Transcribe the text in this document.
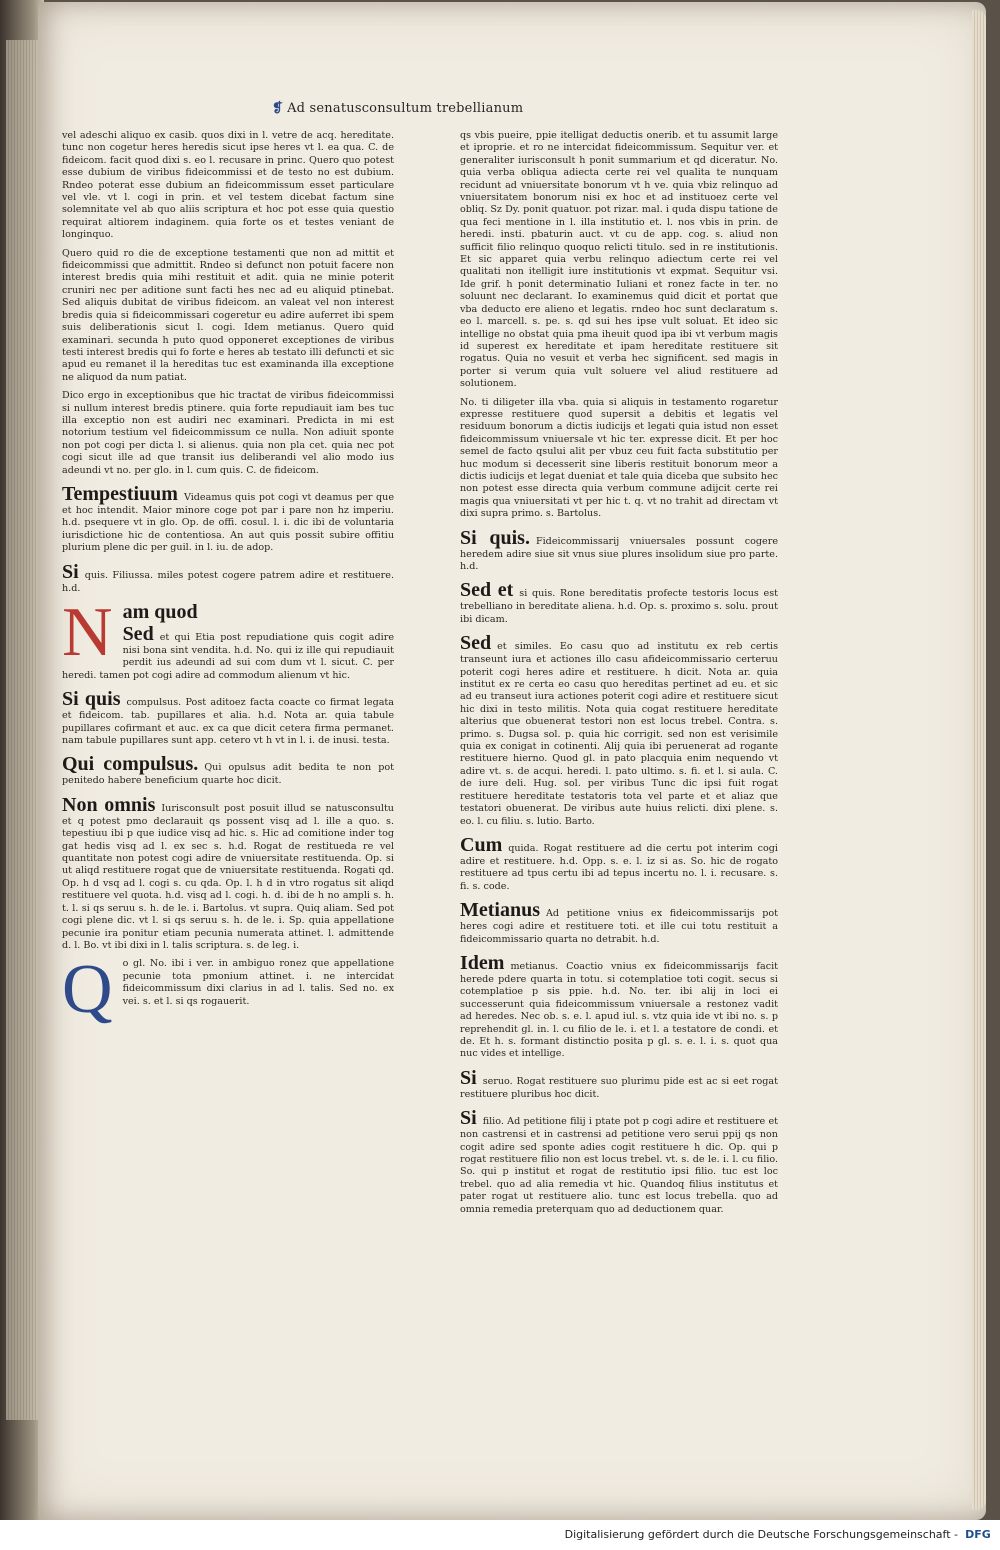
❡ Ad senatusconsultum trebellianum

vel adeschi aliquo ex casib. quos dixi in l. vetre de acq. hereditate. tunc non cogetur heres heredis sicut ipse heres vt l. ea qua. C. de fideicom. facit quod dixi s. eo l. recusare in princ. Quero quo potest esse dubium de viribus fideicommissi et de testo no est dubium. Rndeo poterat esse dubium an fideicommissum esset particulare vel vle. vt l. cogi in prin. et vel testem dicebat factum sine solemnitate vel ab quo aliis scriptura et hoc pot esse quia questio requirat altiorem indaginem. quia forte os et testes veniant de longinquo.

Quero quid ro die de exceptione testamenti que non ad mittit et fideicommissi que admittit. Rndeo si defunct non potuit facere non interest bredis quia mihi restituit et adit. quia ne minie poterit cruniri nec per aditione sunt facti hes nec ad eu aliquid ptinebat. Sed aliquis dubitat de viribus fideicom. an valeat vel non interest bredis quia si fideicommissari cogeretur eu adire auferret ibi spem suis deliberationis sicut l. cogi. Idem metianus. Quero quid examinari. secunda h puto quod opponeret exceptiones de viribus testi interest bredis qui fo forte e heres ab testato illi defuncti et sic apud eu remanet il la hereditas tuc est examinanda illa exceptione ne aliquod da num patiat.

Dico ergo in exceptionibus que hic tractat de viribus fideicommissi si nullum interest bredis ptinere. quia forte repudiauit iam bes tuc illa exceptio non est audiri nec examinari. Predicta in mi est notorium testium vel fideicommissum ce nulla. Non adiuit sponte non pot cogi per dicta l. si alienus. quia non pla cet. quia nec pot cogi sicut ille ad que transit ius deliberandi vel alio modo ius adeundi vt no. per glo. in l. cum quis. C. de fideicom.

Tempestiuum Videamus quis pot cogi vt deamus per que et hoc intendit. Maior minore coge pot par i pare non hz imperiu. h.d. psequere vt in glo. Op. de offi. cosul. l. i. dic ibi de voluntaria iurisdictione hic de contentiosa. An aut quis possit subire offitiu plurium plene dic per guil. in l. iu. de adop.

Si quis. Filiussa. miles potest cogere patrem adire et restituere. h.d.

Nam quod
Sed et qui Etia post repudiatione quis cogit adire nisi bona sint vendita. h.d. No. qui iz ille qui repudiauit perdit ius adeundi ad sui com dum vt l. sicut. C. per heredi. tamen pot cogi adire ad commodum alienum vt hic.

Si quis compulsus. Post aditoez facta coacte co firmat legata et fideicom. tab. pupillares et alia. h.d. Nota ar. quia tabule pupillares cofirmant et auc. ex ca que dicit cetera firma permanet. nam tabule pupillares sunt app. cetero vt h vt in l. i. de inusi. testa.

Qui compulsus. Qui opulsus adit bedita te non pot penitedo habere beneficium quarte hoc dicit.

Non omnis Iurisconsult post posuit illud se natusconsultu et q potest pmo declarauit qs possent visq ad l. ille a quo. s. tepestiuu ibi p que iudice visq ad hic. s. Hic ad comitione inder tog gat hedis visq ad l. ex sec s. h.d. Rogat de restitueda re vel quantitate non potest cogi adire de vniuersitate restituenda. Op. si ut aliqd restituere rogat que de vniuersitate restituenda. Rogati qd. Op. h d vsq ad l. cogi s. cu qda. Op. l. h d in vtro rogatus sit aliqd restituere vel quota. h.d. visq ad l. cogi. h. d. ibi de h no ampli s. h. t. l. si qs seruu s. h. de le. i. Bartolus. vt supra. Quiq aliam. Sed pot cogi plene dic. vt l. si qs seruu s. h. de le. i. Sp. quia appellatione pecunie ira ponitur etiam pecunia numerata attinet. l. admittende d. l. Bo. vt ibi dixi in l. talis scriptura. s. de leg. i.

Q o gl. No. ibi i ver. in ambiguo ronez que appellatione pecunie tota pmonium attinet. i. ne intercidat fideicommissum dixi clarius in ad l. talis. Sed no. ex vei. s. et l. si qs rogauerit.

qs vbis pueire, ppie itelligat deductis onerib. et tu assumit large et iproprie. et ro ne intercidat fideicommissum. Sequitur ver. et generaliter iurisconsult h ponit summarium et qd diceratur. No. quia verba obliqua adiecta certe rei vel qualita te nunquam recidunt ad vniuersitate bonorum vt h ve. quia vbiz relinquo ad vniuersitatem bonorum nisi ex hoc et ad instituoez certe vel obliq. Sz Dy. ponit quatuor. pot rizar. mal. i quda dispu tatione de qua feci mentione in l. illa institutio et. l. nos vbis in prin. de heredi. insti. pbaturin auct. vt cu de app. cog. s. aliud non sufficit filio relinquo quoquo relicti titulo. sed in re institutionis. Et sic apparet quia verbu relinquo adiectum certe rei vel qualitati non itelligit iure institutionis vt expmat. Sequitur vsi. Ide grif. h ponit determinatio Iuliani et ronez facte in ter. no soluunt nec declarant. Io examinemus quid dicit et portat que vba deducto ere alieno et legatis. rndeo hoc sunt declaratum s. eo l. marcell. s. pe. s. qd sui hes ipse vult soluat. Et ideo sic intellige no obstat quia pma iheuit quod ipa ibi vt verbum magis id superest ex hereditate et ipam hereditate restituere sit rogatus. Quia no vesuit et verba hec significent. sed magis in porter si verum quia vult soluere vel aliud restituere ad solutionem.

No. ti diligeter illa vba. quia si aliquis in testamento rogaretur expresse restituere quod supersit a debitis et legatis vel residuum bonorum a dictis iudicijs et legati quia istud non esset fideicommissum vniuersale vt hic ter. expresse dicit. Et per hoc semel de facto qsului alit per vbuz ceu fuit facta substitutio per huc modum si decesserit sine liberis restituit bonorum meor a dictis iudicijs et legat dueniat et tale quia diceba que subsito hec non potest esse directa quia verbum commune adijcit certe rei magis qua vniuersitati vt per hic t. q. vt no trahit ad directam vt dixi supra primo. s. Bartolus.

Si quis. Fideicommissarij vniuersales possunt cogere heredem adire siue sit vnus siue plures insolidum siue pro parte. h.d.

Sed et si quis. Rone bereditatis profecte testoris locus est trebelliano in bereditate aliena. h.d. Op. s. proximo s. solu. prout ibi dicam.

Sed et similes. Eo casu quo ad institutu ex reb certis transeunt iura et actiones illo casu afideicommissario certeruu poterit cogi heres adire et restituere. h dicit. Nota ar. quia institut ex re certa eo casu quo hereditas pertinet ad eu. et sic ad eu transeut iura actiones poterit cogi adire et restituere sicut hic dixi in testo militis. Nota quia cogat restituere hereditate alterius que obuenerat testori non est locus trebel. Contra. s. primo. s. Dugsa sol. p. quia hic corrigit. sed non est verisimile quia ex conigat in cotinenti. Alij quia ibi peruenerat ad rogante restituere hierno. Quod gl. in pato placquia enim nequendo vt adire vt. s. de acqui. heredi. l. pato ultimo. s. fi. et l. si aula. C. de iure deli. Hug. sol. per viribus Tunc dic ipsi fuit rogat restituere hereditate testatoris tota vel parte et et aliaz que testatori obuenerat. De viribus aute huius relicti. dixi plene. s. eo. l. cu filiu. s. lutio. Barto.

Cum quida. Rogat restituere ad die certu pot interim cogi adire et restituere. h.d. Opp. s. e. l. iz si as. So. hic de rogato restituere ad tpus certu ibi ad tepus incertu no. l. i. recusare. s. fi. s. code.

Metianus Ad petitione vnius ex fideicommissarijs pot heres cogi adire et restituere toti. et ille cui totu restituit a fideicommissario quarta no detrabit. h.d.

Idem metianus. Coactio vnius ex fideicommissarijs facit herede pdere quarta in totu. si cotemplatioe toti cogit. secus si cotemplatioe p sis ppie. h.d. No. ter. ibi alij in loci ei successerunt quia fideicommissum vniuersale a restonez vadit ad heredes. Nec ob. s. e. l. apud iul. s. vtz quia ide vt ibi no. s. p reprehendit gl. in. l. cu filio de le. i. et l. a testatore de condi. et de. Et h. s. formant distinctio posita p gl. s. e. l. i. s. quot qua nuc vides et intellige.

Si seruo. Rogat restituere suo plurimu pide est ac si eet rogat restituere pluribus hoc dicit.

Si filio. Ad petitione filij i ptate pot p cogi adire et restituere et non castrensi et in castrensi ad petitione vero serui ppij qs non cogit adire sed sponte adies cogit restituere h dic. Op. qui p rogat restituere filio non est locus trebel. vt. s. de le. i. l. cu filio. So. qui p institut et rogat de restitutio ipsi filio. tuc est loc trebel. quo ad alia remedia vt hic. Quandoq filius institutus et pater rogat ut restituere alio. tunc est locus trebella. quo ad omnia remedia preterquam quo ad deductionem quar.

Digitalisierung gefördert durch die Deutsche Forschungsgemeinschaft - DFG
